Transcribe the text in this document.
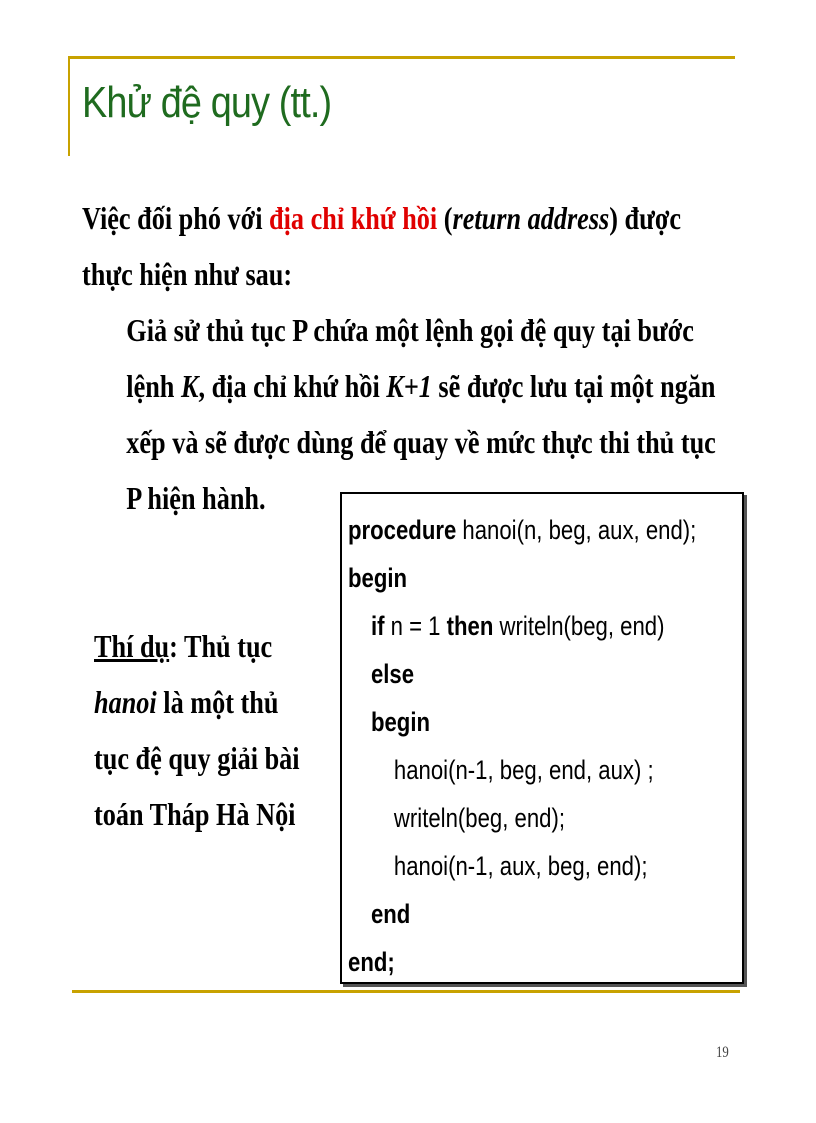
Khử đệ quy (tt.)

Việc đối phó với địa chỉ khứ hồi (return address) được thực hiện như sau:

Giả sử thủ tục P chứa một lệnh gọi đệ quy tại bước lệnh K, địa chỉ khứ hồi K+1 sẽ được lưu tại một ngăn xếp và sẽ được dùng để quay về mức thực thi thủ tục P hiện hành.

Thí dụ: Thủ tục hanoi là một thủ tục đệ quy giải bài toán Tháp Hà Nội
procedure hanoi(n, beg, aux, end);
begin
if n = 1 then writeln(beg, end)
else
begin
hanoi(n-1, beg, end, aux) ;
writeln(beg, end);
hanoi(n-1, aux, beg, end);
end
end;
19
